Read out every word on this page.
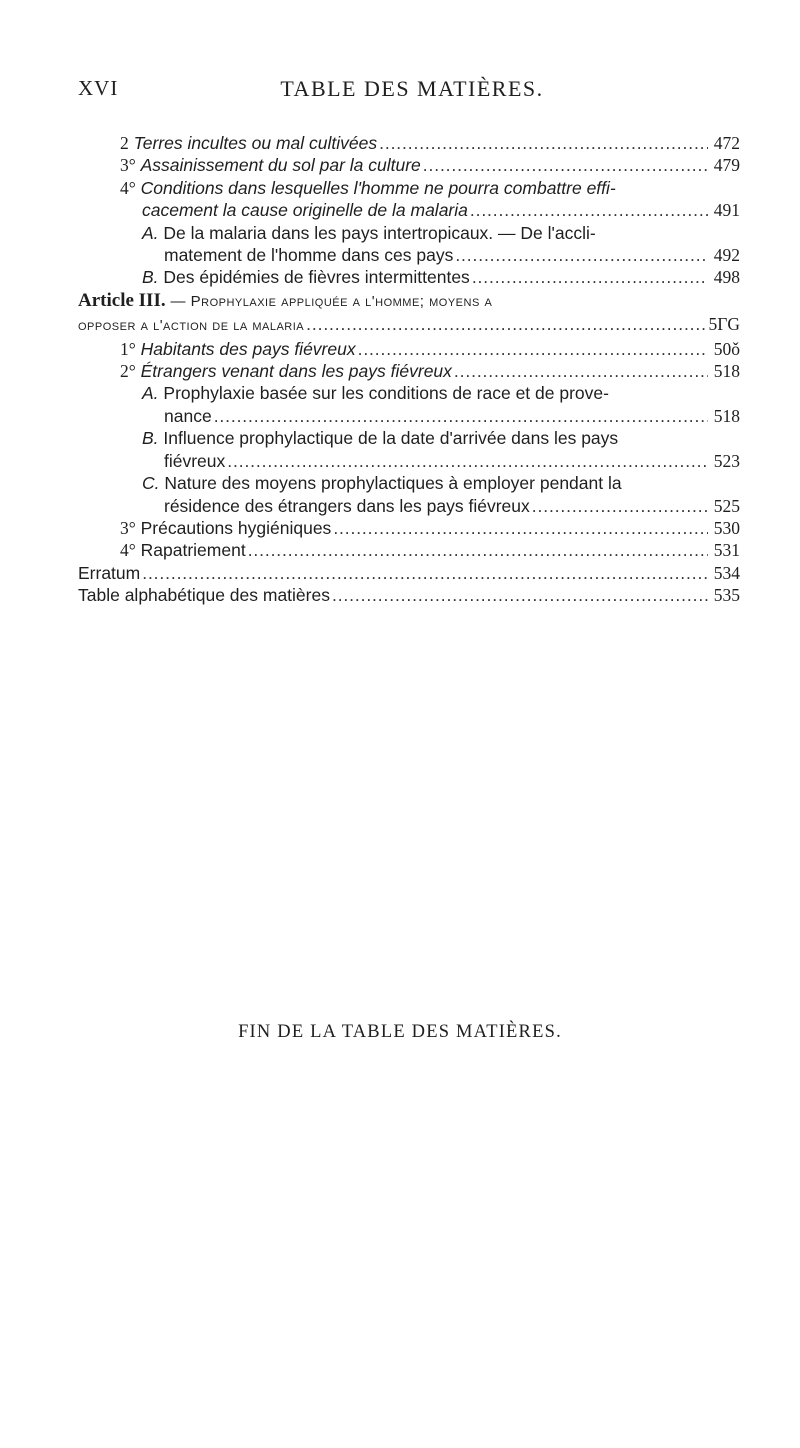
XVI	TABLE DES MATIÈRES.
2 Terres incultes ou mal cultivées . . .	472
3° Assainissement du sol par la culture . . .	479
4° Conditions dans lesquelles l'homme ne pourra combattre effi-
cacement la cause originelle de la malaria . . .	491
A. De la malaria dans les pays intertropicaux. — De l'accli-
matement de l'homme dans ces pays . . .	492
B. Des épidémies de fièvres intermittentes . . .	498
Article III. — Prophylaxie appliquée a l'homme; moyens a
opposer a l'action de la malaria . . .	5ΓG
1° Habitants des pays fiévreux . . .	50ǒ
2° Étrangers venant dans les pays fiévreux . . .	518
A. Prophylaxie basée sur les conditions de race et de prove-
nance . . .	518
B. Influence prophylactique de la date d'arrivée dans les pays
fiévreux . . .	523
C. Nature des moyens prophylactiques à employer pendant la
résidence des étrangers dans les pays fiévreux . . .	525
3° Précautions hygiéniques . . .	530
4° Rapatriement . . .	531
Erratum . . .	534
Table alphabétique des matières . . .	535
FIN DE LA TABLE DES MATIÈRES.
